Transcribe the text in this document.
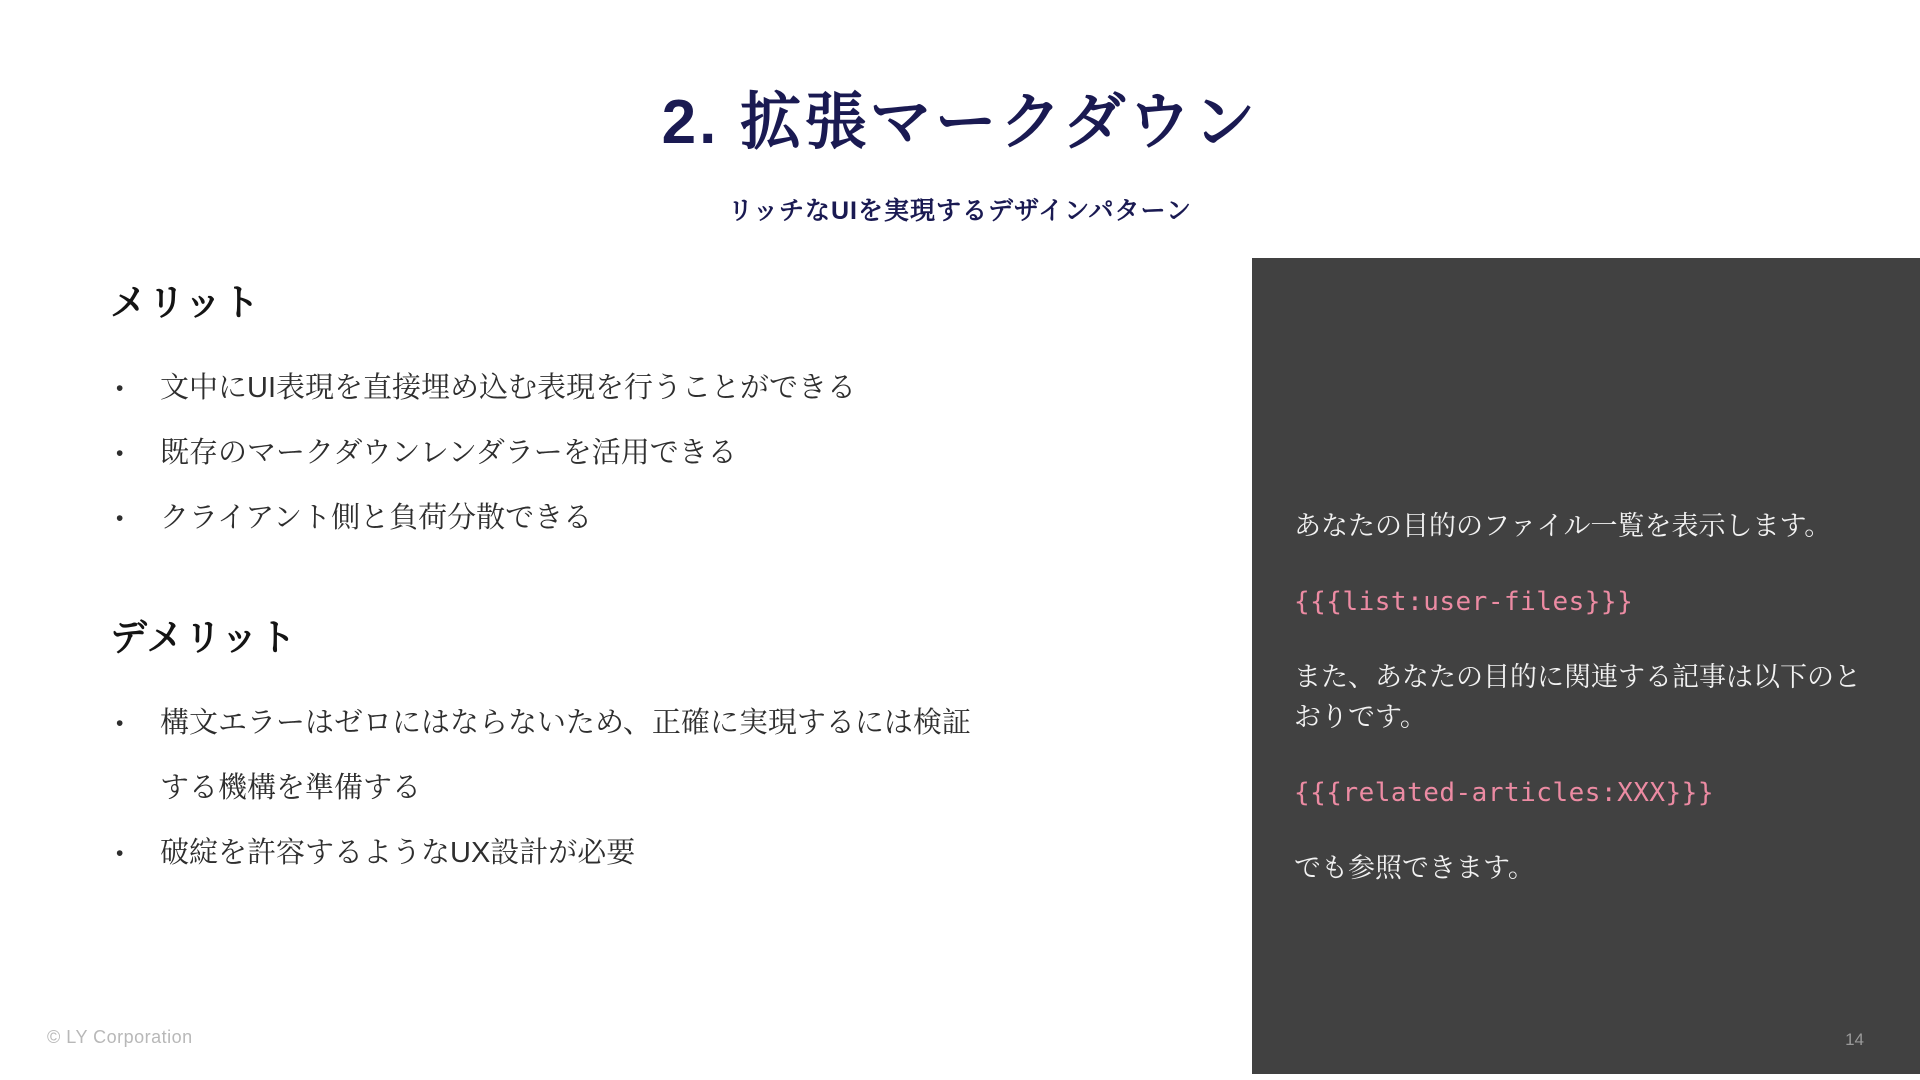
2. 拡張マークダウン

リッチなUIを実現するデザインパターン

メリット
•	文中にUI表現を直接埋め込む表現を行うことができる
•	既存のマークダウンレンダラーを活用できる
•	クライアント側と負荷分散できる
デメリット
•	構文エラーはゼロにはならないため、正確に実現するには検証する機構を準備する
•	破綻を許容するようなUX設計が必要

あなたの目的のファイル一覧を表示します。

{{{list:user-files}}}

また、あなたの目的に関連する記事は以下のとおりです。

{{{related-articles:XXX}}}

でも参照できます。

© LY Corporation	14
